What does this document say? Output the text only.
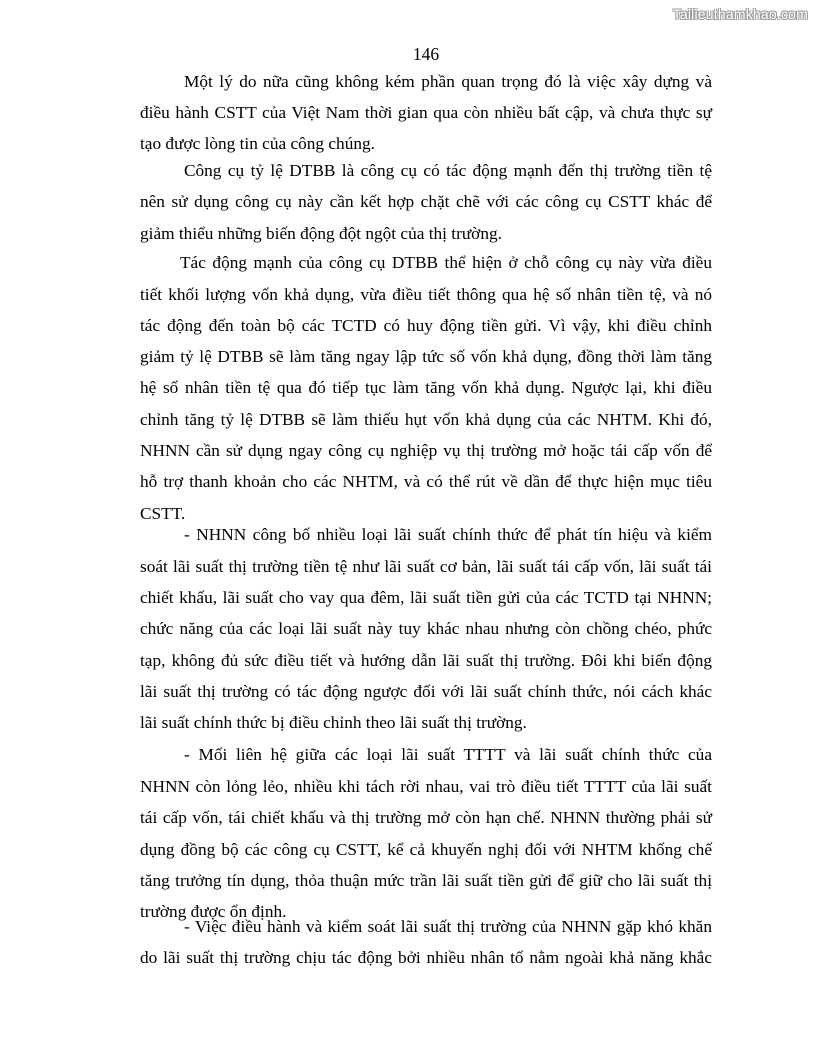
Tailieuthamkhao.com
146
Một lý do nữa cũng không kém phần quan trọng đó là việc xây dựng và
điều hành CSTT của Việt Nam thời gian qua còn nhiều bất cập, và chưa thực sự
tạo được lòng tin của công chúng.
Công cụ tỷ lệ DTBB là công cụ có tác động mạnh đến thị trường tiền tệ
nên sử dụng công cụ này cần kết hợp chặt chẽ với các công cụ CSTT khác để
giảm thiểu những biến động đột ngột của thị trường.
Tác động mạnh của công cụ DTBB thể hiện ở chỗ công cụ này vừa điều
tiết khối lượng vốn khả dụng, vừa điều tiết thông qua hệ số nhân tiền tệ, và nó
tác động đến toàn bộ các TCTD có huy động tiền gửi. Vì vậy, khi điều chỉnh
giảm tỷ lệ DTBB sẽ làm tăng ngay lập tức số vốn khả dụng, đồng thời làm tăng
hệ số nhân tiền tệ qua đó tiếp tục làm tăng vốn khả dụng. Ngược lại, khi điều
chỉnh tăng tỷ lệ DTBB sẽ làm thiếu hụt vốn khả dụng của các NHTM. Khi đó,
NHNN cần sử dụng ngay công cụ nghiệp vụ thị trường mở hoặc tái cấp vốn để
hỗ trợ thanh khoản cho các NHTM, và có thể rút về dần để thực hiện mục tiêu
CSTT.
- NHNN công bố nhiều loại lãi suất chính thức để phát tín hiệu và kiểm
soát lãi suất thị trường tiền tệ như lãi suất cơ bản, lãi suất tái cấp vốn, lãi suất tái
chiết khấu, lãi suất cho vay qua đêm, lãi suất tiền gửi của các TCTD tại NHNN;
chức năng của các loại lãi suất này tuy khác nhau nhưng còn chồng chéo, phức
tạp, không đủ sức điều tiết và hướng dẫn lãi suất thị trường. Đôi khi biến động
lãi suất thị trường có tác động ngược đối với lãi suất chính thức, nói cách khác
lãi suất chính thức bị điều chỉnh theo lãi suất thị trường.
- Mối liên hệ giữa các loại lãi suất TTTT và lãi suất chính thức của
NHNN còn lỏng lẻo, nhiều khi tách rời nhau, vai trò điều tiết TTTT của lãi suất
tái cấp vốn, tái chiết khấu và thị trường mở còn hạn chế. NHNN thường phải sử
dụng đồng bộ các công cụ CSTT, kể cả khuyến nghị đối với NHTM khống chế
tăng trưởng tín dụng, thỏa thuận mức trần lãi suất tiền gửi để giữ cho lãi suất thị
trường được ổn định.
- Việc điều hành và kiểm soát lãi suất thị trường của NHNN gặp khó khăn
do lãi suất thị trường chịu tác động bởi nhiều nhân tố nằm ngoài khả năng khắc
